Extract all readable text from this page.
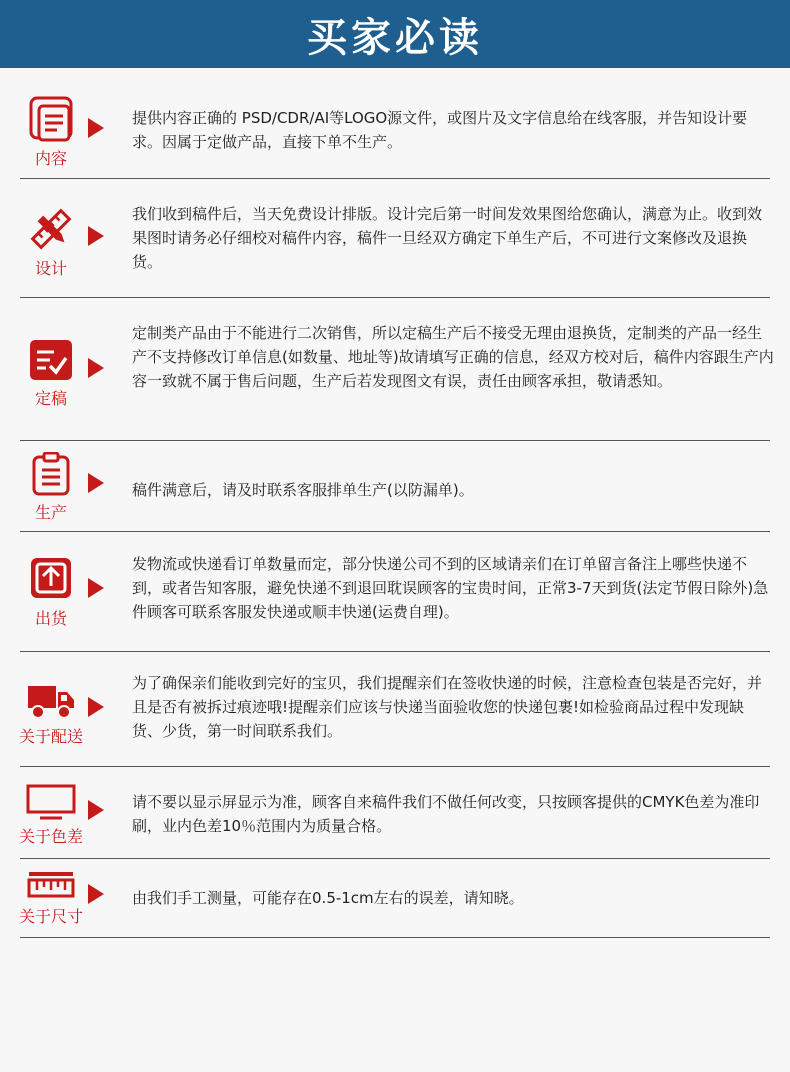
买家必读
内容
提供内容正确的 PSD/CDR/AI等LOGO源文件，或图片及文字信息给在线客服，并告知设计要求。因属于定做产品，直接下单不生产。
设计
我们收到稿件后，当天免费设计排版。设计完后第一时间发效果图给您确认，满意为止。收到效果图时请务必仔细校对稿件内容，稿件一旦经双方确定下单生产后，不可进行文案修改及退换货。
定稿
定制类产品由于不能进行二次销售，所以定稿生产后不接受无理由退换货，定制类的产品一经生产不支持修改订单信息(如数量、地址等)故请填写正确的信息，经双方校对后，稿件内容跟生产内容一致就不属于售后问题，生产后若发现图文有误，责任由顾客承担，敬请悉知。
生产
稿件满意后，请及时联系客服排单生产(以防漏单)。
出货
发物流或快递看订单数量而定，部分快递公司不到的区域请亲们在订单留言备注上哪些快递不到，或者告知客服，避免快递不到退回耽误顾客的宝贵时间，正常3-7天到货(法定节假日除外)急件顾客可联系客服发快递或顺丰快递(运费自理)。
关于配送
为了确保亲们能收到完好的宝贝，我们提醒亲们在签收快递的时候，注意检查包装是否完好，并且是否有被拆过痕迹哦!提醒亲们应该与快递当面验收您的快递包裹!如检验商品过程中发现缺货、少货，第一时间联系我们。
关于色差
请不要以显示屏显示为准，顾客自来稿件我们不做任何改变，只按顾客提供的CMYK色差为准印刷，业内色差10％范围内为质量合格。
关于尺寸
由我们手工测量，可能存在0.5-1cm左右的误差，请知晓。
